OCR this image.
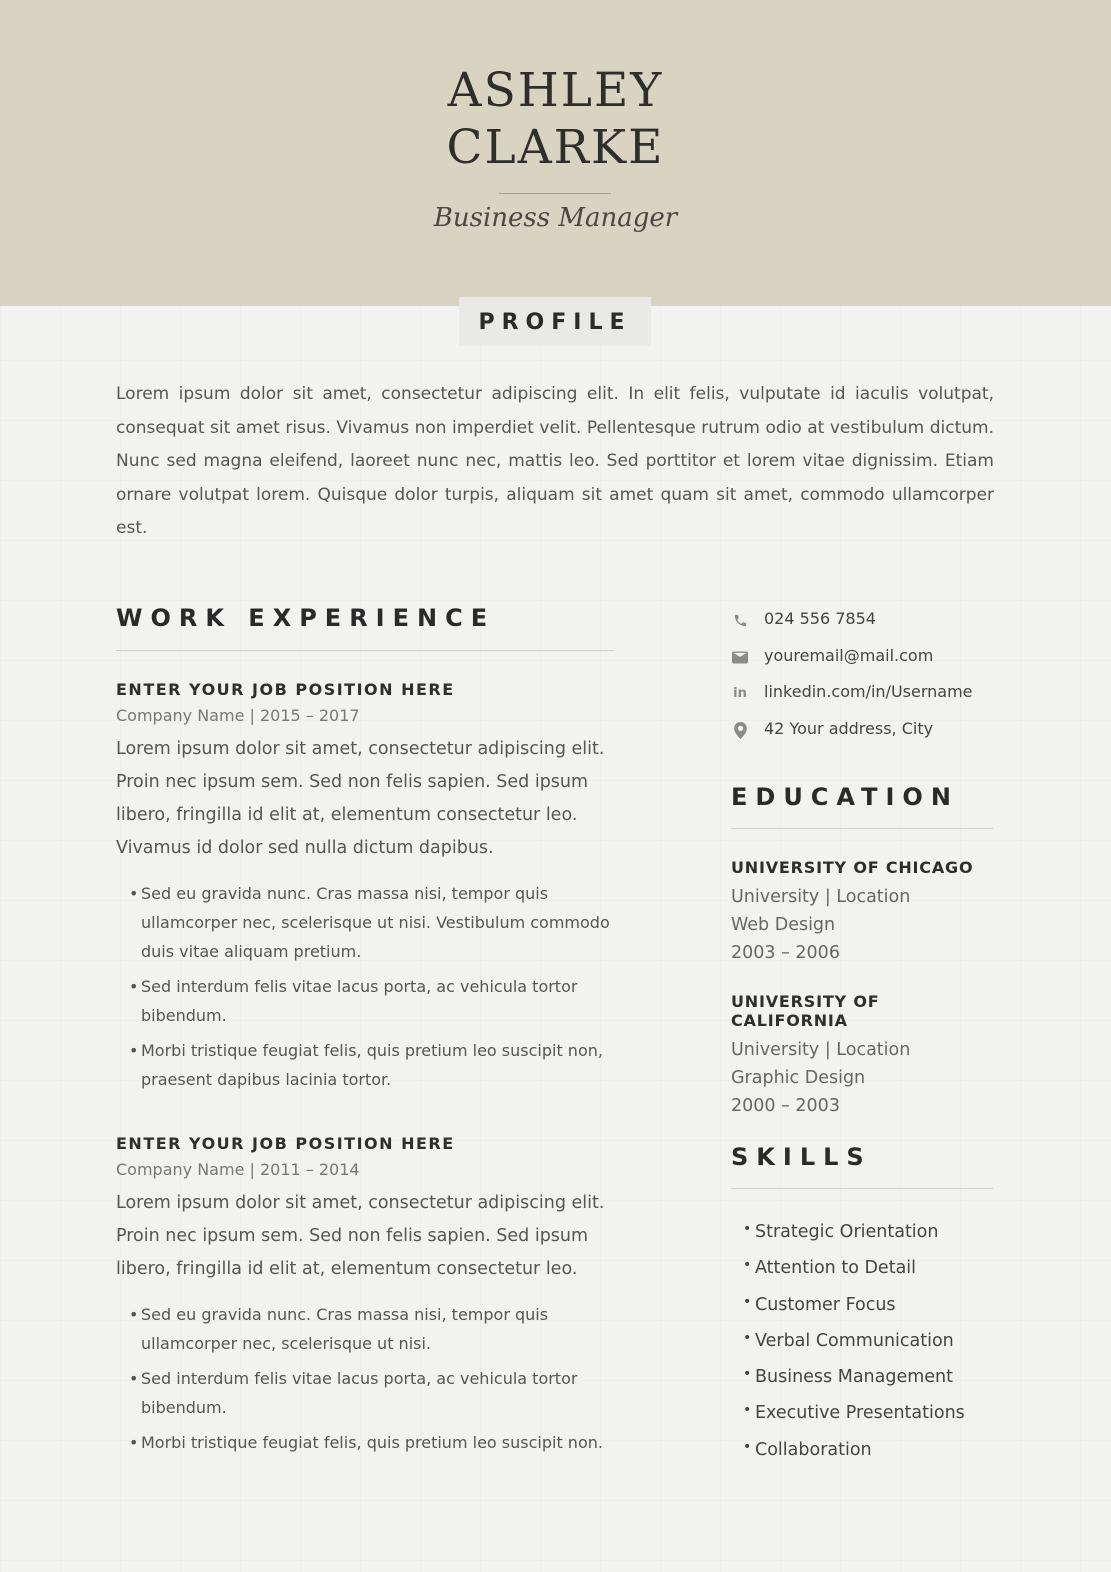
ASHLEY
CLARKE
Business Manager
PROFILE

Lorem ipsum dolor sit amet, consectetur adipiscing elit. In elit felis, vulputate id iaculis volutpat, consequat sit amet risus. Vivamus non imperdiet velit. Pellentesque rutrum odio at vestibulum dictum. Nunc sed magna eleifend, laoreet nunc nec, mattis leo. Sed porttitor et lorem vitae dignissim. Etiam ornare volutpat lorem. Quisque dolor turpis, aliquam sit amet quam sit amet, commodo ullamcorper est.

WORK EXPERIENCE
ENTER YOUR JOB POSITION HERE
Company Name | 2015 – 2017
Lorem ipsum dolor sit amet, consectetur adipiscing elit. Proin nec ipsum sem. Sed non felis sapien. Sed ipsum libero, fringilla id elit at, elementum consectetur leo. Vivamus id dolor sed nulla dictum dapibus.
• Sed eu gravida nunc. Cras massa nisi, tempor quis ullamcorper nec, scelerisque ut nisi. Vestibulum commodo duis vitae aliquam pretium.
• Sed interdum felis vitae lacus porta, ac vehicula tortor bibendum.
• Morbi tristique feugiat felis, quis pretium leo suscipit non, praesent dapibus lacinia tortor.
ENTER YOUR JOB POSITION HERE
Company Name | 2011 – 2014
Lorem ipsum dolor sit amet, consectetur adipiscing elit. Proin nec ipsum sem. Sed non felis sapien. Sed ipsum libero, fringilla id elit at, elementum consectetur leo.
• Sed eu gravida nunc. Cras massa nisi, tempor quis ullamcorper nec, scelerisque ut nisi.
• Sed interdum felis vitae lacus porta, ac vehicula tortor bibendum.
• Morbi tristique feugiat felis, quis pretium leo suscipit non.
024 556 7854
youremail@mail.com
in linkedin.com/in/Username
42 Your address, City
EDUCATION
UNIVERSITY OF CHICAGO
University | Location
Web Design
2003 – 2006
UNIVERSITY OF CALIFORNIA
University | Location
Graphic Design
2000 – 2003
SKILLS
• Strategic Orientation
• Attention to Detail
• Customer Focus
• Verbal Communication
• Business Management
• Executive Presentations
• Collaboration
